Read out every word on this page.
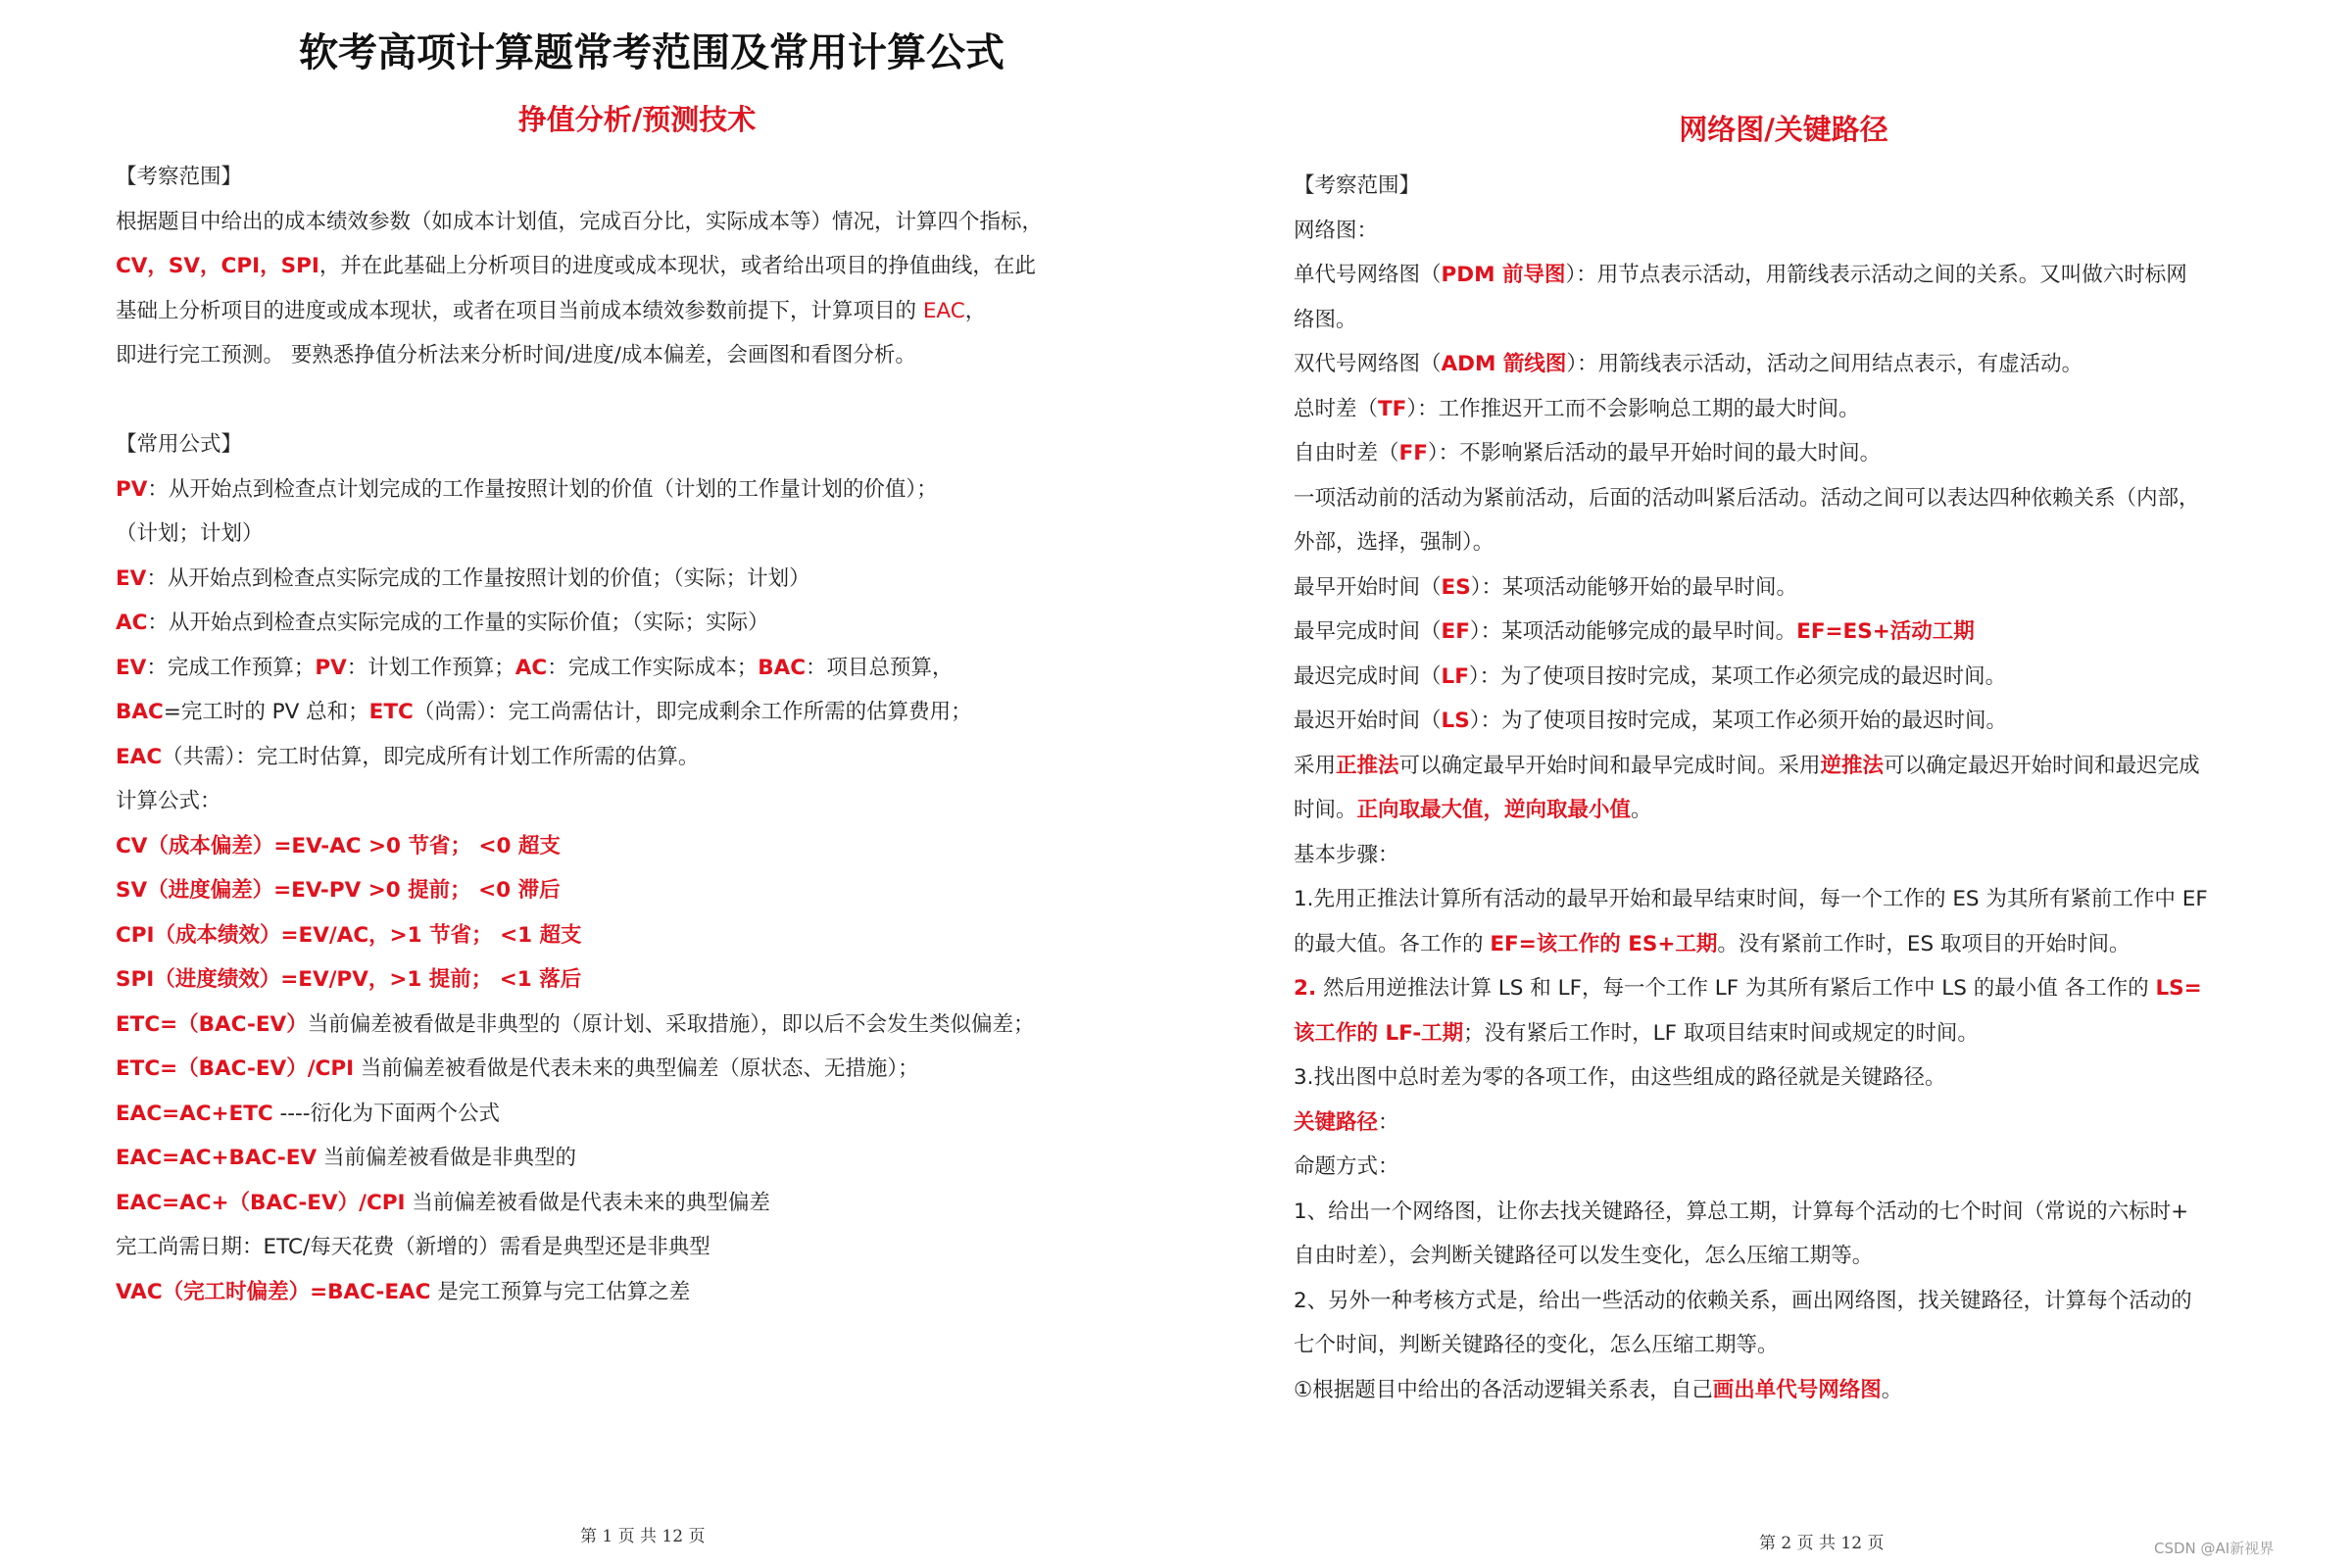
软考高项计算题常考范围及常用计算公式
挣值分析/预测技术	网络图/关键路径
【考察范围】
根据题目中给出的成本绩效参数（如成本计划值，完成百分比，实际成本等）情况，计算四个指标，
CV，SV，CPI，SPI，并在此基础上分析项目的进度或成本现状，或者给出项目的挣值曲线，在此
基础上分析项目的进度或成本现状，或者在项目当前成本绩效参数前提下，计算项目的 EAC，
即进行完工预测。 要熟悉挣值分析法来分析时间/进度/成本偏差，会画图和看图分析。
【常用公式】
PV：从开始点到检查点计划完成的工作量按照计划的价值（计划的工作量计划的价值）；
（计划；计划）
EV：从开始点到检查点实际完成的工作量按照计划的价值；（实际；计划）
AC：从开始点到检查点实际完成的工作量的实际价值；（实际；实际）
EV：完成工作预算；PV：计划工作预算；AC：完成工作实际成本；BAC：项目总预算，
BAC=完工时的 PV 总和；ETC（尚需）：完工尚需估计，即完成剩余工作所需的估算费用；
EAC（共需）：完工时估算，即完成所有计划工作所需的估算。
计算公式：
CV（成本偏差）=EV-AC >0 节省； <0 超支
SV（进度偏差）=EV-PV >0 提前； <0 滞后
CPI（成本绩效）=EV/AC，>1 节省； <1 超支
SPI（进度绩效）=EV/PV，>1 提前； <1 落后
ETC=（BAC-EV）当前偏差被看做是非典型的（原计划、采取措施），即以后不会发生类似偏差；
ETC=（BAC-EV）/CPI 当前偏差被看做是代表未来的典型偏差（原状态、无措施）；
EAC=AC+ETC ----衍化为下面两个公式
EAC=AC+BAC-EV 当前偏差被看做是非典型的
EAC=AC+（BAC-EV）/CPI 当前偏差被看做是代表未来的典型偏差
完工尚需日期：ETC/每天花费（新增的）需看是典型还是非典型
VAC（完工时偏差）=BAC-EAC 是完工预算与完工估算之差
【考察范围】
网络图：
单代号网络图（PDM 前导图）：用节点表示活动，用箭线表示活动之间的关系。又叫做六时标网
络图。
双代号网络图（ADM 箭线图）：用箭线表示活动，活动之间用结点表示，有虚活动。
总时差（TF）：工作推迟开工而不会影响总工期的最大时间。
自由时差（FF）：不影响紧后活动的最早开始时间的最大时间。
一项活动前的活动为紧前活动，后面的活动叫紧后活动。活动之间可以表达四种依赖关系（内部，
外部，选择，强制）。
最早开始时间（ES）：某项活动能够开始的最早时间。
最早完成时间（EF）：某项活动能够完成的最早时间。EF=ES+活动工期
最迟完成时间（LF）：为了使项目按时完成，某项工作必须完成的最迟时间。
最迟开始时间（LS）：为了使项目按时完成，某项工作必须开始的最迟时间。
采用正推法可以确定最早开始时间和最早完成时间。采用逆推法可以确定最迟开始时间和最迟完成
时间。正向取最大值，逆向取最小值。
基本步骤：
1.先用正推法计算所有活动的最早开始和最早结束时间，每一个工作的 ES 为其所有紧前工作中 EF
的最大值。各工作的 EF=该工作的 ES+工期。没有紧前工作时，ES 取项目的开始时间。
2. 然后用逆推法计算 LS 和 LF，每一个工作 LF 为其所有紧后工作中 LS 的最小值 各工作的 LS=
该工作的 LF-工期；没有紧后工作时，LF 取项目结束时间或规定的时间。
3.找出图中总时差为零的各项工作，由这些组成的路径就是关键路径。
关键路径：
命题方式：
1、给出一个网络图，让你去找关键路径，算总工期，计算每个活动的七个时间（常说的六标时+
自由时差），会判断关键路径可以发生变化，怎么压缩工期等。
2、另外一种考核方式是，给出一些活动的依赖关系，画出网络图，找关键路径，计算每个活动的
七个时间，判断关键路径的变化，怎么压缩工期等。
①根据题目中给出的各活动逻辑关系表，自己画出单代号网络图。
第 1 页 共 12 页	第 2 页 共 12 页	CSDN @AI新视界
